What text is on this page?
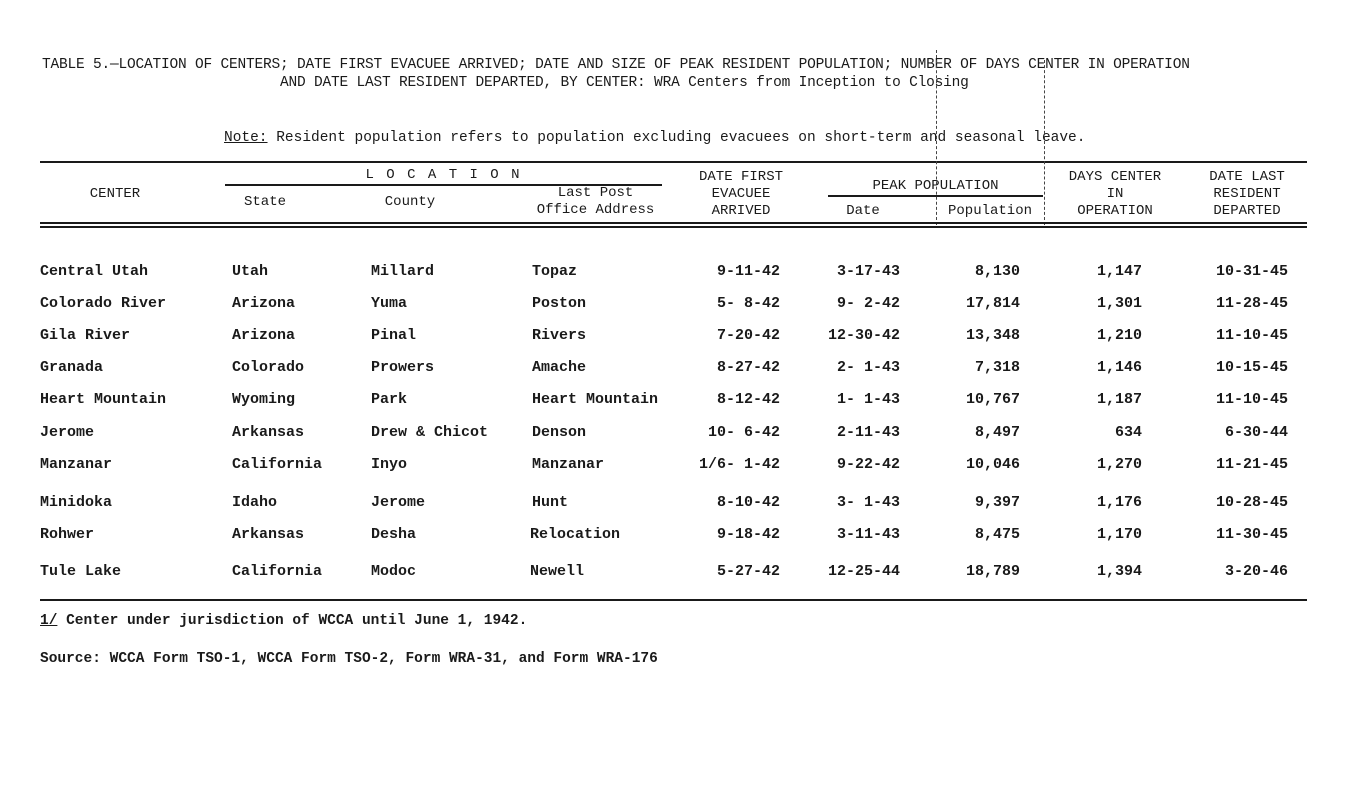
TABLE 5.—LOCATION OF CENTERS; DATE FIRST EVACUEE ARRIVED; DATE AND SIZE OF PEAK RESIDENT POPULATION; NUMBER OF DAYS CENTER IN OPERATION
AND DATE LAST RESIDENT DEPARTED, BY CENTER: WRA Centers from Inception to Closing
Note: Resident population refers to population excluding evacuees on short-term and seasonal leave.
CENTER
L O C A T I O N
State	County
Last Post
Office Address
DATE FIRST
EVACUEE
ARRIVED
PEAK POPULATION
Date	Population
DAYS CENTER
IN
OPERATION
DATE LAST
RESIDENT
DEPARTED
Central Utah	Utah	Millard	Topaz	9-11-42	3-17-43	8,130	1,147	10-31-45
Colorado River	Arizona	Yuma	Poston	5- 8-42	9- 2-42	17,814	1,301	11-28-45
Gila River	Arizona	Pinal	Rivers	7-20-42	12-30-42	13,348	1,210	11-10-45
Granada	Colorado	Prowers	Amache	8-27-42	2- 1-43	7,318	1,146	10-15-45
Heart Mountain	Wyoming	Park	Heart Mountain	8-12-42	1- 1-43	10,767	1,187	11-10-45
Jerome	Arkansas	Drew & Chicot	Denson	10- 6-42	2-11-43	8,497	634	6-30-44
Manzanar	California	Inyo	Manzanar	1/6- 1-42	9-22-42	10,046	1,270	11-21-45
Minidoka	Idaho	Jerome	Hunt	8-10-42	3- 1-43	9,397	1,176	10-28-45
Rohwer	Arkansas	Desha	Relocation	9-18-42	3-11-43	8,475	1,170	11-30-45
Tule Lake	California	Modoc	Newell	5-27-42	12-25-44	18,789	1,394	3-20-46
1/ Center under jurisdiction of WCCA until June 1, 1942.
Source: WCCA Form TSO-1, WCCA Form TSO-2, Form WRA-31, and Form WRA-176
